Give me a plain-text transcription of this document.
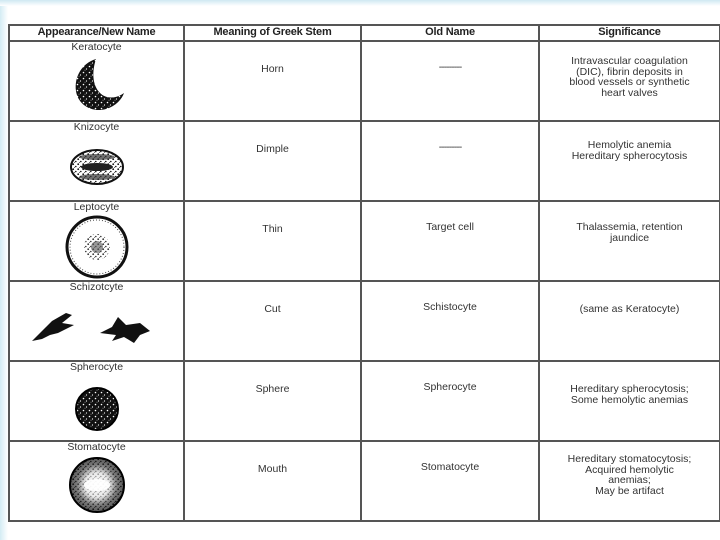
Appearance/New Name	Meaning of Greek Stem	Old Name	Significance

Keratocyte	Horn	---------	Intravascular coagulation
(DIC), fibrin deposits in
blood vessels or synthetic
heart valves

Knizocyte	Dimple	---------	Hemolytic anemia
Hereditary spherocytosis

Leptocyte	Thin	Target cell	Thalassemia, retention
jaundice

Schizotcyte	Cut	Schistocyte	(same as Keratocyte)

Spherocyte	Sphere	Spherocyte	Hereditary spherocytosis;
Some hemolytic anemias

Stomatocyte	Mouth	Stomatocyte	Hereditary stomatocytosis;
Acquired hemolytic
anemias;
May be artifact
